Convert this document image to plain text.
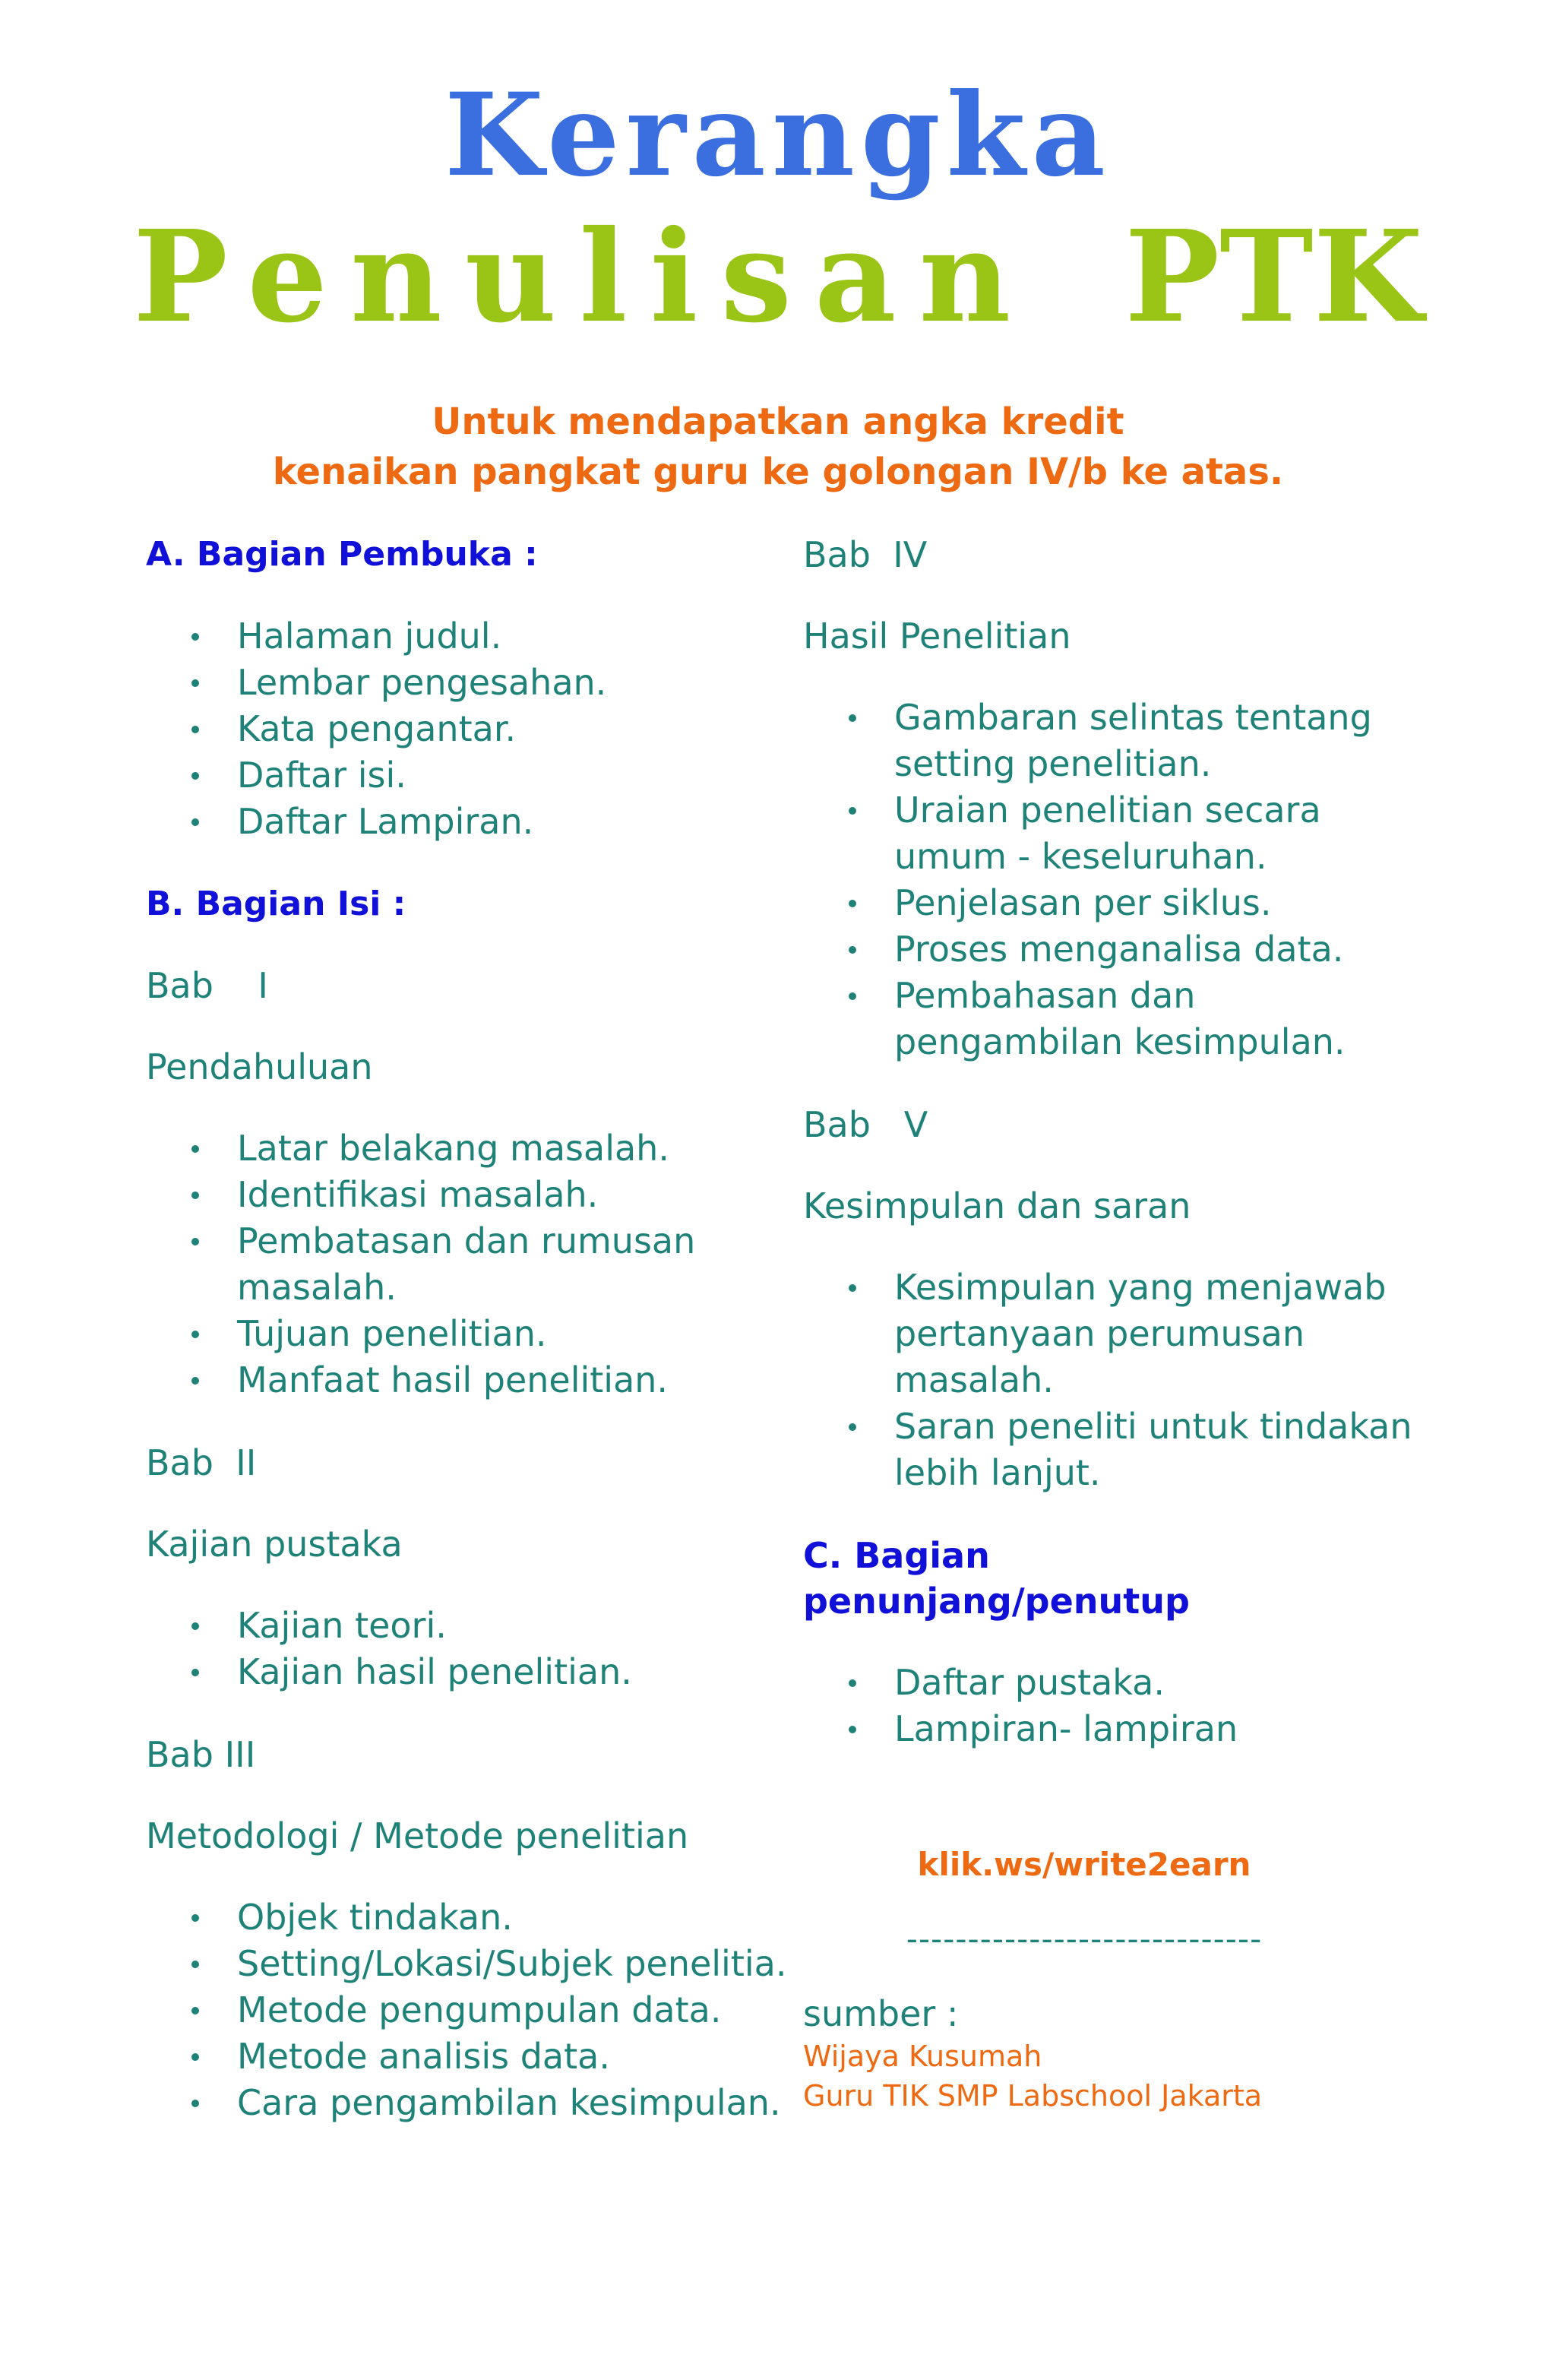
Kerangka
Penulisan PTK
Untuk mendapatkan angka kredit
kenaikan pangkat guru ke golongan IV/b ke atas.

A. Bagian Pembuka :

Halaman judul.
Lembar pengesahan.
Kata pengantar.
Daftar isi.
Daftar Lampiran.

B. Bagian Isi :

Bab    I

Pendahuluan

Latar belakang masalah.
Identifikasi masalah.
Pembatasan dan rumusan masalah.
Tujuan penelitian.
Manfaat hasil penelitian.

Bab  II

Kajian pustaka

Kajian teori.
Kajian hasil penelitian.

Bab III

Metodologi / Metode penelitian

Objek tindakan.
Setting/Lokasi/Subjek penelitia.
Metode pengumpulan data.
Metode analisis data.
Cara pengambilan kesimpulan.

Bab  IV

Hasil Penelitian

Gambaran selintas tentang setting penelitian.
Uraian penelitian secara umum - keseluruhan.
Penjelasan per siklus.
Proses menganalisa data.
Pembahasan dan pengambilan kesimpulan.

Bab   V

Kesimpulan dan saran

Kesimpulan yang menjawab pertanyaan perumusan masalah.
Saran peneliti untuk tindakan lebih lanjut.

C. Bagian
penunjang/penutup

Daftar pustaka.
Lampiran- lampiran

klik.ws/write2earn

-----------------------------

sumber :

Wijaya Kusumah

Guru TIK SMP Labschool Jakarta
